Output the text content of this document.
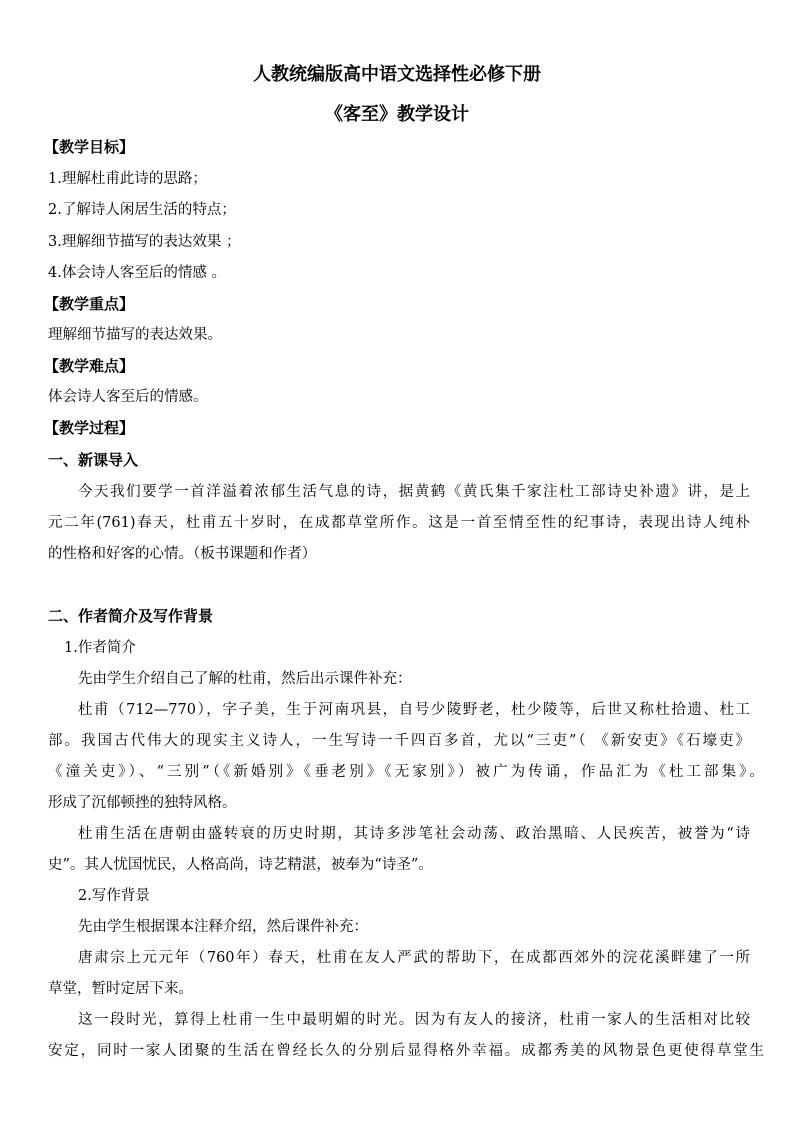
人教统编版高中语文选择性必修下册
《客至》教学设计
【教学目标】
1.理解杜甫此诗的思路；
2.了解诗人闲居生活的特点；
3.理解细节描写的表达效果 ；
4.体会诗人客至后的情感 。
【教学重点】
理解细节描写的表达效果。
【教学难点】
体会诗人客至后的情感。
【教学过程】
一、新课导入
今天我们要学一首洋溢着浓郁生活气息的诗，据黄鹤《黄氏集千家注杜工部诗史补遗》讲，是上
元二年(761)春天，杜甫五十岁时，在成都草堂所作。这是一首至情至性的纪事诗，表现出诗人纯朴
的性格和好客的心情。（板书课题和作者）
二、作者简介及写作背景
1.作者简介
先由学生介绍自己了解的杜甫，然后出示课件补充：
杜甫（712—770），字子美，生于河南巩县，自号少陵野老，杜少陵等，后世又称杜拾遗、杜工
部。我国古代伟大的现实主义诗人，一生写诗一千四百多首，尤以“三吏”（ 《新安吏》《石壕吏》
《潼关吏》）、“三别”（《新婚别》《垂老别》《无家别》）被广为传诵，作品汇为《杜工部集》。
形成了沉郁顿挫的独特风格。
杜甫生活在唐朝由盛转衰的历史时期，其诗多涉笔社会动荡、政治黑暗、人民疾苦，被誉为“诗
史”。其人忧国忧民，人格高尚，诗艺精湛，被奉为“诗圣”。
2.写作背景
先由学生根据课本注释介绍，然后课件补充：
唐肃宗上元元年（760年）春天，杜甫在友人严武的帮助下，在成都西郊外的浣花溪畔建了一所
草堂，暂时定居下来。
这一段时光，算得上杜甫一生中最明媚的时光。因为有友人的接济，杜甫一家人的生活相对比较
安定，同时一家人团聚的生活在曾经长久的分别后显得格外幸福。成都秀美的风物景色更使得草堂生
